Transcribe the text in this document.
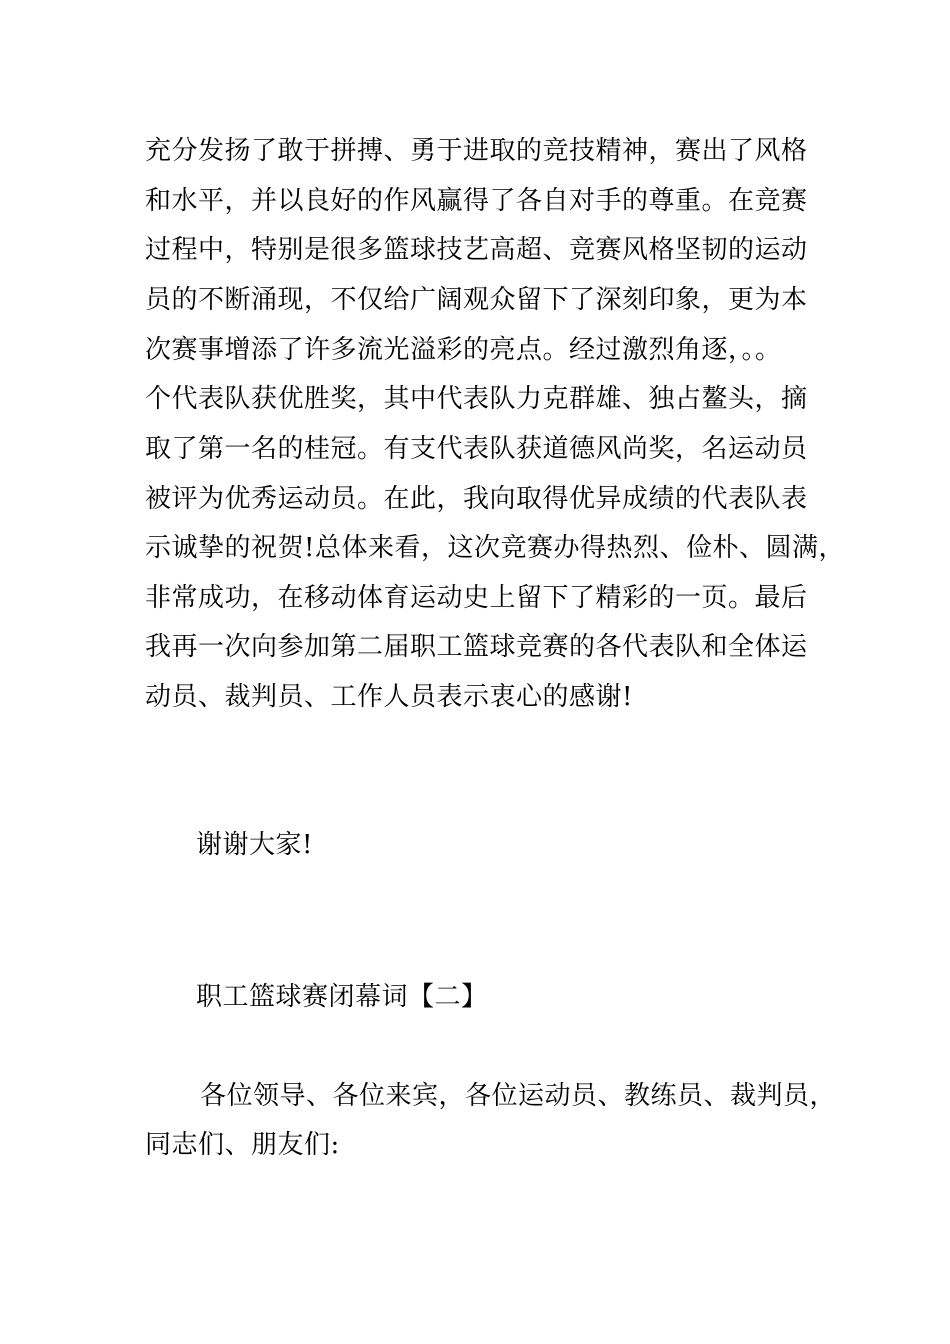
充分发扬了敢于拼搏、勇于进取的竞技精神，赛出了风格
和水平，并以良好的作风赢得了各自对手的尊重。在竞赛
过程中，特别是很多篮球技艺高超、竞赛风格坚韧的运动
员的不断涌现，不仅给广阔观众留下了深刻印象，更为本
次赛事增添了许多流光溢彩的亮点。经过激烈角逐，。。
个代表队获优胜奖，其中代表队力克群雄、独占鳌头，摘
取了第一名的桂冠。有支代表队获道德风尚奖，名运动员
被评为优秀运动员。在此，我向取得优异成绩的代表队表
示诚挚的祝贺!总体来看，这次竞赛办得热烈、俭朴、圆满，
非常成功，在移动体育运动史上留下了精彩的一页。最后
我再一次向参加第二届职工篮球竞赛的各代表队和全体运
动员、裁判员、工作人员表示衷心的感谢!
谢谢大家!
职工篮球赛闭幕词【二】
各位领导、各位来宾，各位运动员、教练员、裁判员，
同志们、朋友们:
